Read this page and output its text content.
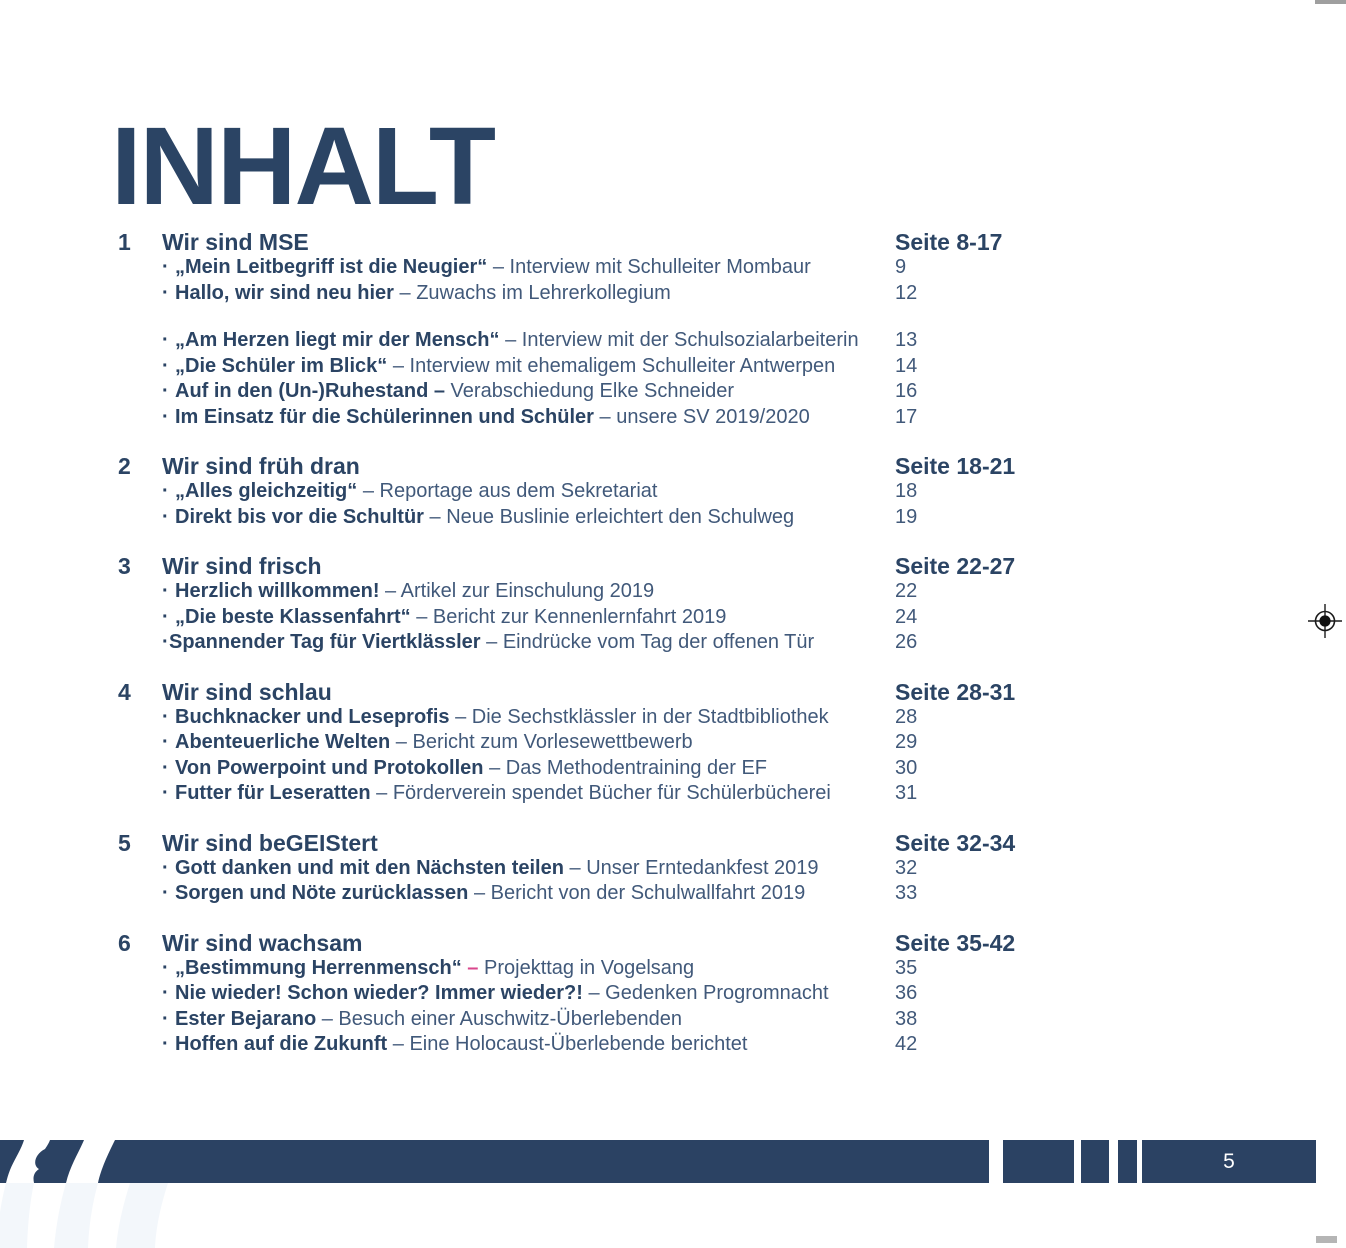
INHALT
1	Wir sind MSE	Seite 8-17
· „Mein Leitbegriff ist die Neugier“ – Interview mit Schulleiter Mombaur	9
· Hallo, wir sind neu hier – Zuwachs im Lehrerkollegium	12
· „Am Herzen liegt mir der Mensch“ – Interview mit der Schulsozialarbeiterin	13
· „Die Schüler im Blick“ – Interview mit ehemaligem Schulleiter Antwerpen	14
· Auf in den (Un-)Ruhestand – Verabschiedung Elke Schneider	16
· Im Einsatz für die Schülerinnen und Schüler – unsere SV 2019/2020	17
2	Wir sind früh dran	Seite 18-21
· „Alles gleichzeitig“ – Reportage aus dem Sekretariat	18
· Direkt bis vor die Schultür – Neue Buslinie erleichtert den Schulweg	19
3	Wir sind frisch	Seite 22-27
· Herzlich willkommen! – Artikel zur Einschulung 2019	22
· „Die beste Klassenfahrt“ – Bericht zur Kennenlernfahrt 2019	24
·Spannender Tag für Viertklässler – Eindrücke vom Tag der offenen Tür	26
4	Wir sind schlau	Seite 28-31
· Buchknacker und Leseprofis – Die Sechstklässler in der Stadtbibliothek	28
· Abenteuerliche Welten – Bericht zum Vorlesewettbewerb	29
· Von Powerpoint und Protokollen – Das Methodentraining der EF	30
· Futter für Leseratten – Förderverein spendet Bücher für Schülerbücherei	31
5	Wir sind beGEIStert	Seite 32-34
· Gott danken und mit den Nächsten teilen – Unser Erntedankfest 2019	32
· Sorgen und Nöte zurücklassen – Bericht von der Schulwallfahrt 2019	33
6	Wir sind wachsam	Seite 35-42
· „Bestimmung Herrenmensch“ – Projekttag in Vogelsang	35
· Nie wieder! Schon wieder? Immer wieder?! – Gedenken Progromnacht	36
· Ester Bejarano – Besuch einer Auschwitz-Überlebenden	38
· Hoffen auf die Zukunft – Eine Holocaust-Überlebende berichtet	42
5
